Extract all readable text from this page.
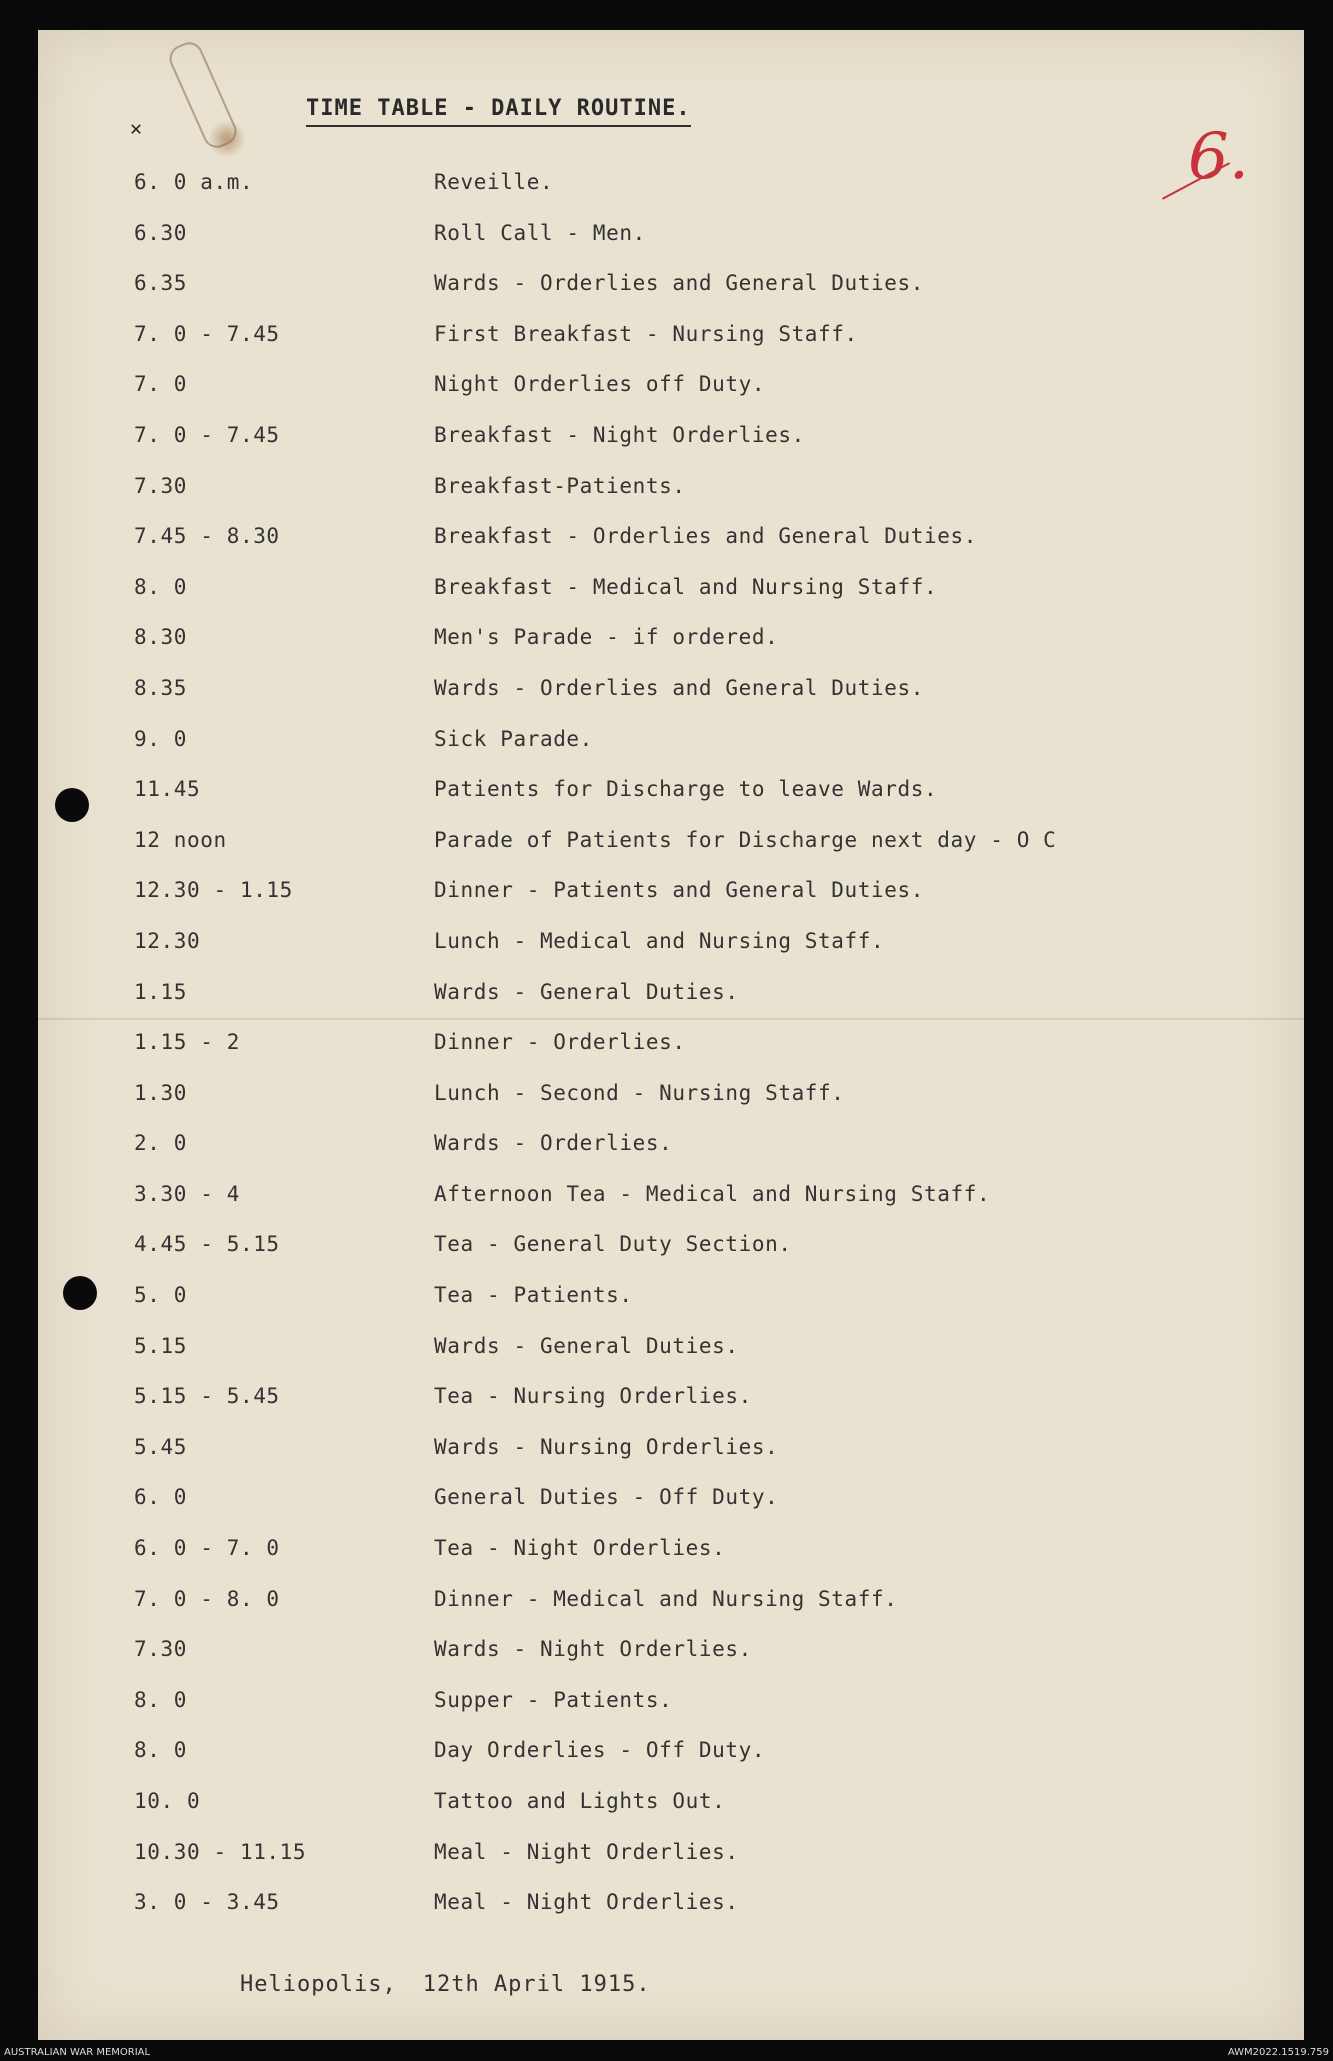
✕
TIME TABLE - DAILY ROUTINE.
6.
6. 0 a.m.	Reveille.
6.30	Roll Call - Men.
6.35	Wards - Orderlies and General Duties.
7. 0 - 7.45	First Breakfast - Nursing Staff.
7. 0	Night Orderlies off Duty.
7. 0 - 7.45	Breakfast - Night Orderlies.
7.30	Breakfast-Patients.
7.45 - 8.30	Breakfast - Orderlies and General Duties.
8. 0	Breakfast - Medical and Nursing Staff.
8.30	Men's Parade - if ordered.
8.35	Wards - Orderlies and General Duties.
9. 0	Sick Parade.
11.45	Patients for Discharge to leave Wards.
12 noon	Parade of Patients for Discharge next day - O C
12.30 - 1.15	Dinner - Patients and General Duties.
12.30	Lunch - Medical and Nursing Staff.
1.15	Wards - General Duties.
1.15 - 2	Dinner - Orderlies.
1.30	Lunch - Second - Nursing Staff.
2. 0	Wards - Orderlies.
3.30 - 4	Afternoon Tea - Medical and Nursing Staff.
4.45 - 5.15	Tea - General Duty Section.
5. 0	Tea - Patients.
5.15	Wards - General Duties.
5.15 - 5.45	Tea - Nursing Orderlies.
5.45	Wards - Nursing Orderlies.
6. 0	General Duties - Off Duty.
6. 0 - 7. 0	Tea - Night Orderlies.
7. 0 - 8. 0	Dinner - Medical and Nursing Staff.
7.30	Wards - Night Orderlies.
8. 0	Supper - Patients.
8. 0	Day Orderlies - Off Duty.
10. 0	Tattoo and Lights Out.
10.30 - 11.15	Meal - Night Orderlies.
3. 0 - 3.45	Meal - Night Orderlies.
Heliopolis, 12th April 1915.
AUSTRALIAN WAR MEMORIAL	AWM2022.1519.759
